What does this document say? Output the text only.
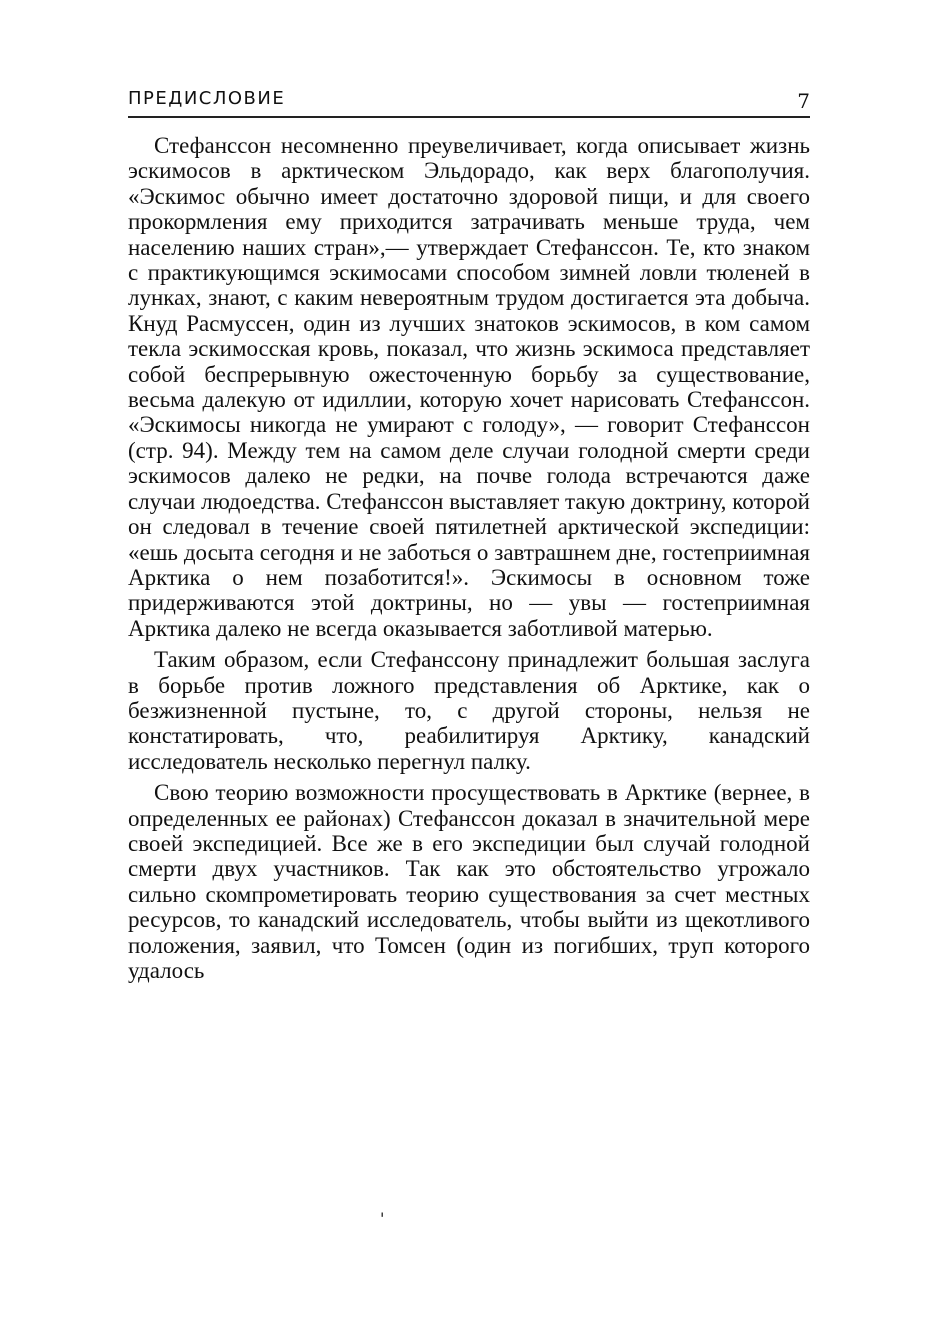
ПРЕДИСЛОВИЕ	7

Стефанссон несомненно преувеличивает, когда описывает жизнь эскимосов в арктическом Эльдорадо, как верх благополучия. «Эскимос обычно имеет достаточно здоровой пищи, и для своего прокормления ему приходится затрачивать меньше труда, чем населению наших стран»,— утверждает Стефанссон. Те, кто знаком с практикующимся эскимосами способом зимней ловли тюленей в лунках, знают, с каким невероятным трудом достигается эта добыча. Кнуд Расмуссен, один из лучших знатоков эскимосов, в ком самом текла эскимосская кровь, показал, что жизнь эскимоса представляет собой беспрерывную ожесточенную борьбу за существование, весьма далекую от идиллии, которую хочет нарисовать Стефанссон. «Эскимосы никогда не умирают с голоду», — говорит Стефанссон (стр. 94). Между тем на самом деле случаи голодной смерти среди эскимосов далеко не редки, на почве голода встречаются даже случаи людоедства. Стефанссон выставляет такую доктрину, которой он следовал в течение своей пятилетней арктической экспедиции: «ешь досыта сегодня и не заботься о завтрашнем дне, гостеприимная Арктика о нем позаботится!». Эскимосы в основном тоже придерживаются этой доктрины, но — увы — гостеприимная Арктика далеко не всегда оказывается заботливой матерью.

Таким образом, если Стефанссону принадлежит большая заслуга в борьбе против ложного представления об Арктике, как о безжизненной пустыне, то, с другой стороны, нельзя не констатировать, что, реабилитируя Арктику, канадский исследователь несколько перегнул палку.

Свою теорию возможности просуществовать в Арктике (вернее, в определенных ее районах) Стефанссон доказал в значительной мере своей экспедицией. Все же в его экспедиции был случай голодной смерти двух участников. Так как это обстоятельство угрожало сильно скомпрометировать теорию существования за счет местных ресурсов, то канадский исследователь, чтобы выйти из щекотливого положения, заявил, что Томсен (один из погибших, труп которого удалось

'
